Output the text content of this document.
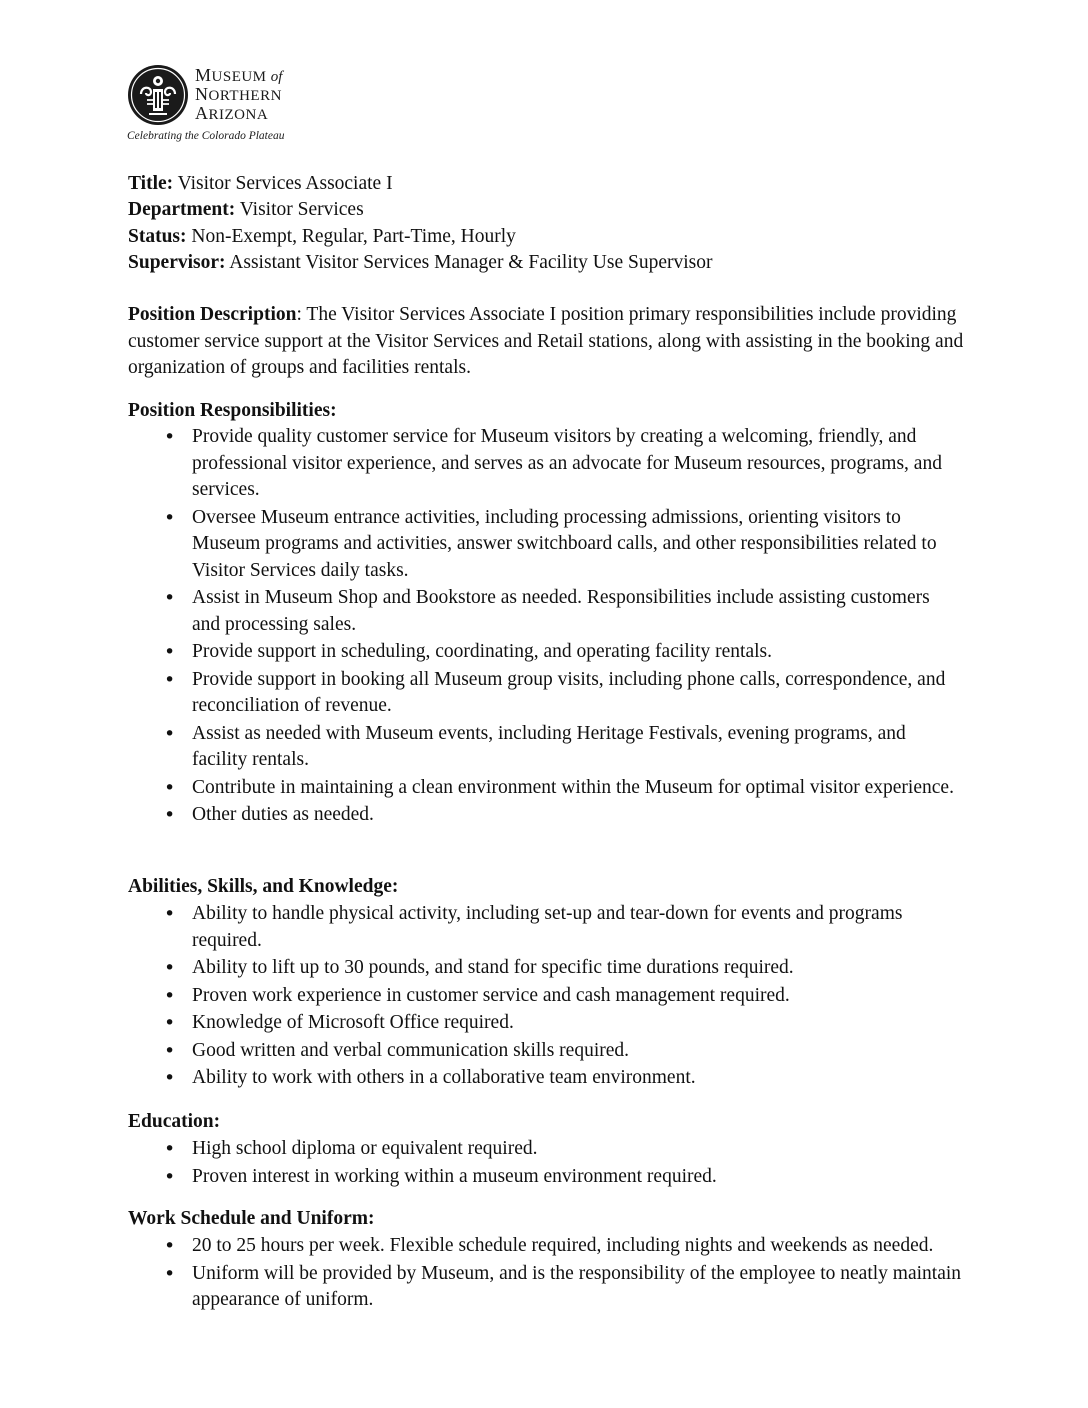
MUSEUM of
NORTHERN
ARIZONA
Celebrating the Colorado Plateau
Title: Visitor Services Associate I
Department: Visitor Services
Status: Non-Exempt, Regular, Part-Time, Hourly
Supervisor: Assistant Visitor Services Manager & Facility Use Supervisor
Position Description: The Visitor Services Associate I position primary responsibilities include providing customer service support at the Visitor Services and Retail stations, along with assisting in the booking and organization of groups and facilities rentals.
Position Responsibilities:
• Provide quality customer service for Museum visitors by creating a welcoming, friendly, and professional visitor experience, and serves as an advocate for Museum resources, programs, and services.
• Oversee Museum entrance activities, including processing admissions, orienting visitors to Museum programs and activities, answer switchboard calls, and other responsibilities related to Visitor Services daily tasks.
• Assist in Museum Shop and Bookstore as needed. Responsibilities include assisting customers and processing sales.
• Provide support in scheduling, coordinating, and operating facility rentals.
• Provide support in booking all Museum group visits, including phone calls, correspondence, and reconciliation of revenue.
• Assist as needed with Museum events, including Heritage Festivals, evening programs, and facility rentals.
• Contribute in maintaining a clean environment within the Museum for optimal visitor experience.
• Other duties as needed.
Abilities, Skills, and Knowledge:
• Ability to handle physical activity, including set-up and tear-down for events and programs required.
• Ability to lift up to 30 pounds, and stand for specific time durations required.
• Proven work experience in customer service and cash management required.
• Knowledge of Microsoft Office required.
• Good written and verbal communication skills required.
• Ability to work with others in a collaborative team environment.
Education:
• High school diploma or equivalent required.
• Proven interest in working within a museum environment required.
Work Schedule and Uniform:
• 20 to 25 hours per week. Flexible schedule required, including nights and weekends as needed.
• Uniform will be provided by Museum, and is the responsibility of the employee to neatly maintain appearance of uniform.
